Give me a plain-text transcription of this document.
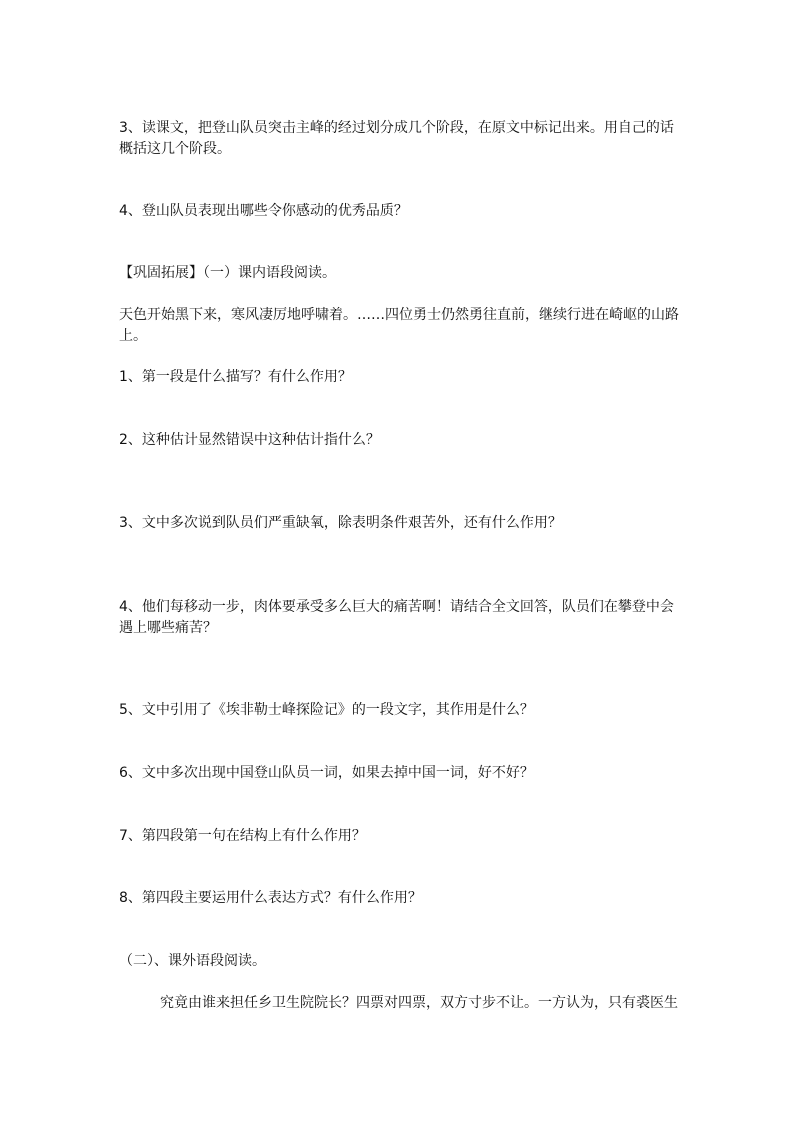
3、读课文，把登山队员突击主峰的经过划分成几个阶段，在原文中标记出来。用自己的话概括这几个阶段。
4、登山队员表现出哪些令你感动的优秀品质？
【巩固拓展】（一）课内语段阅读。
天色开始黑下来，寒风凄厉地呼啸着。……四位勇士仍然勇往直前，继续行进在崎岖的山路上。
1、第一段是什么描写？有什么作用？
2、这种估计显然错误中这种估计指什么？
3、文中多次说到队员们严重缺氧，除表明条件艰苦外，还有什么作用？
4、他们每移动一步，肉体要承受多么巨大的痛苦啊！请结合全文回答，队员们在攀登中会遇上哪些痛苦？
5、文中引用了《埃非勒士峰探险记》的一段文字，其作用是什么？
6、文中多次出现中国登山队员一词，如果去掉中国一词，好不好？
7、第四段第一句在结构上有什么作用？
8、第四段主要运用什么表达方式？有什么作用？
（二）、课外语段阅读。
究竟由谁来担任乡卫生院院长？四票对四票，双方寸步不让。一方认为，只有裘医生
